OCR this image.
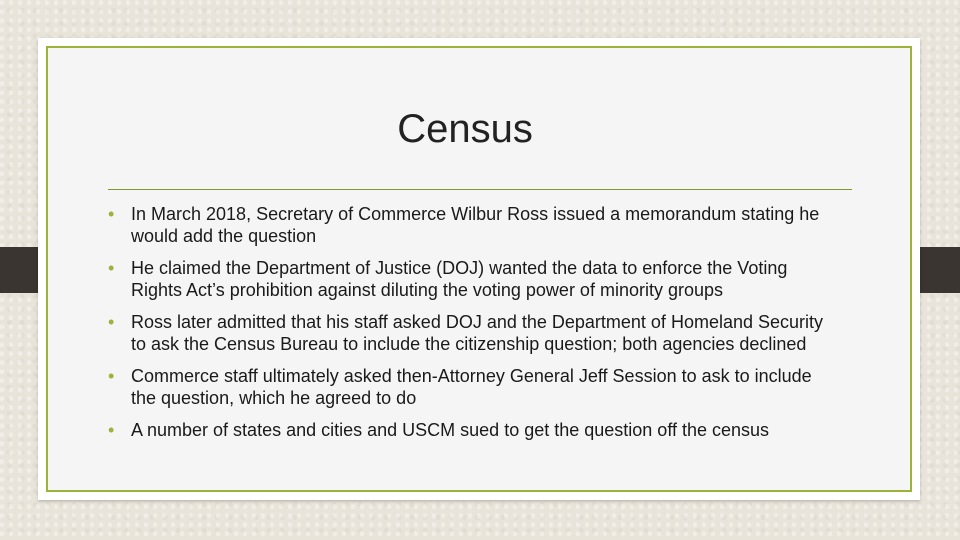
Census
• In March 2018, Secretary of Commerce Wilbur Ross issued a memorandum stating he would add the question
• He claimed the Department of Justice (DOJ) wanted the data to enforce the Voting Rights Act’s prohibition against diluting the voting power of minority groups
• Ross later admitted that his staff asked DOJ and the Department of Homeland Security to ask the Census Bureau to include the citizenship question; both agencies declined
• Commerce staff ultimately asked then-Attorney General Jeff Session to ask to include the question, which he agreed to do
• A number of states and cities and USCM sued to get the question off the census
